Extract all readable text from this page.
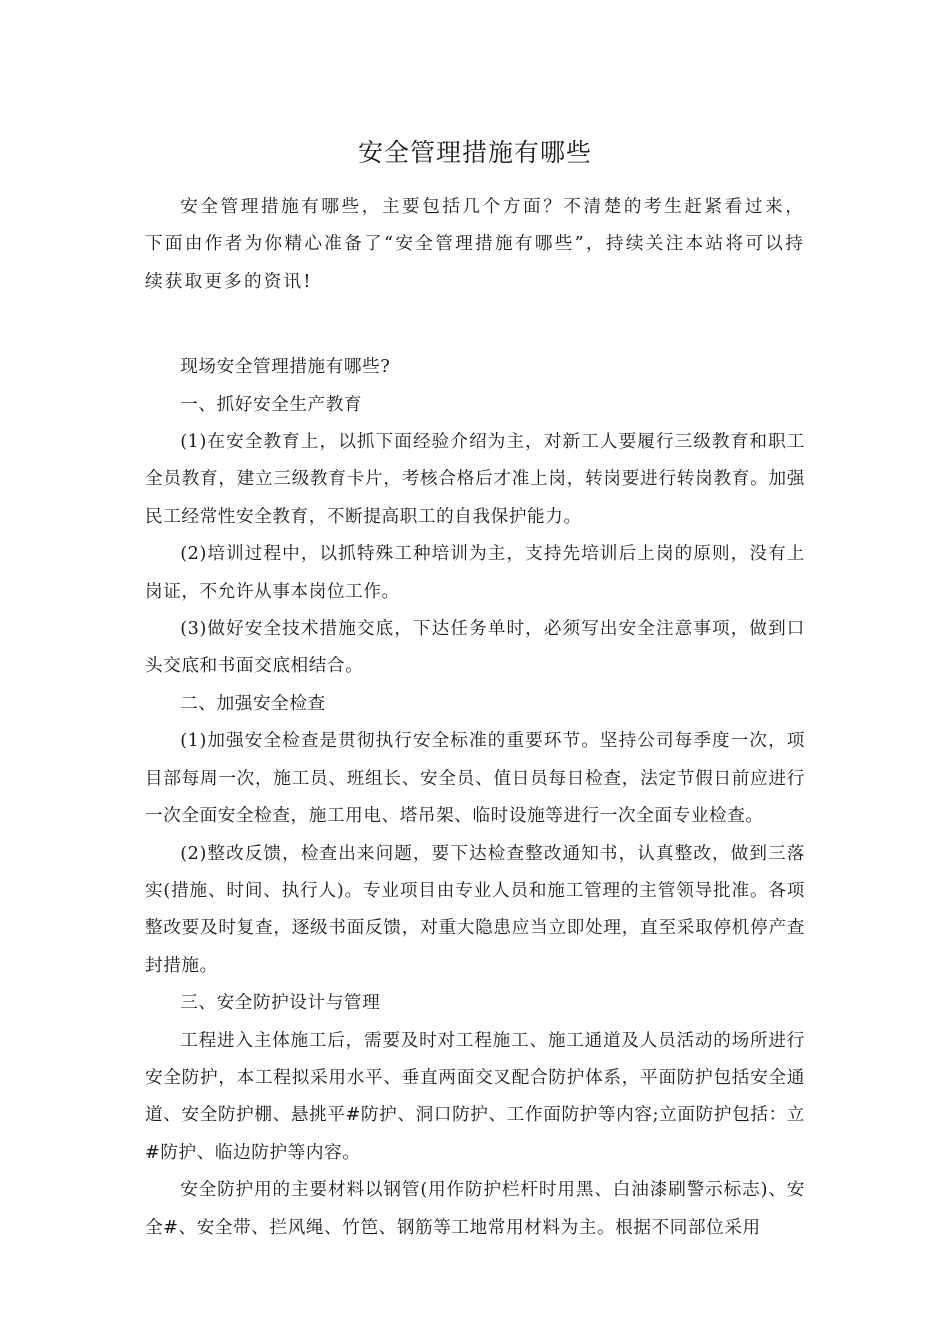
安全管理措施有哪些

安全管理措施有哪些，主要包括几个方面？不清楚的考生赶紧看过来，下面由作者为你精心准备了“安全管理措施有哪些”，持续关注本站将可以持续获取更多的资讯!

现场安全管理措施有哪些?

一、抓好安全生产教育

(1)在安全教育上，以抓下面经验介绍为主，对新工人要履行三级教育和职工全员教育，建立三级教育卡片，考核合格后才准上岗，转岗要进行转岗教育。加强民工经常性安全教育，不断提高职工的自我保护能力。

(2)培训过程中，以抓特殊工种培训为主，支持先培训后上岗的原则，没有上岗证，不允许从事本岗位工作。

(3)做好安全技术措施交底，下达任务单时，必须写出安全注意事项，做到口头交底和书面交底相结合。

二、加强安全检查

(1)加强安全检查是贯彻执行安全标准的重要环节。坚持公司每季度一次，项目部每周一次，施工员、班组长、安全员、值日员每日检查，法定节假日前应进行一次全面安全检查，施工用电、塔吊架、临时设施等进行一次全面专业检查。

(2)整改反馈，检查出来问题，要下达检查整改通知书，认真整改，做到三落实(措施、时间、执行人)。专业项目由专业人员和施工管理的主管领导批准。各项整改要及时复查，逐级书面反馈，对重大隐患应当立即处理，直至采取停机停产查封措施。

三、安全防护设计与管理

工程进入主体施工后，需要及时对工程施工、施工通道及人员活动的场所进行安全防护，本工程拟采用水平、垂直两面交叉配合防护体系，平面防护包括安全通道、安全防护棚、悬挑平#防护、洞口防护、工作面防护等内容;立面防护包括：立#防护、临边防护等内容。

安全防护用的主要材料以钢管(用作防护栏杆时用黑、白油漆刷警示标志)、安全#、安全带、拦风绳、竹笆、钢筋等工地常用材料为主。根据不同部位采用
